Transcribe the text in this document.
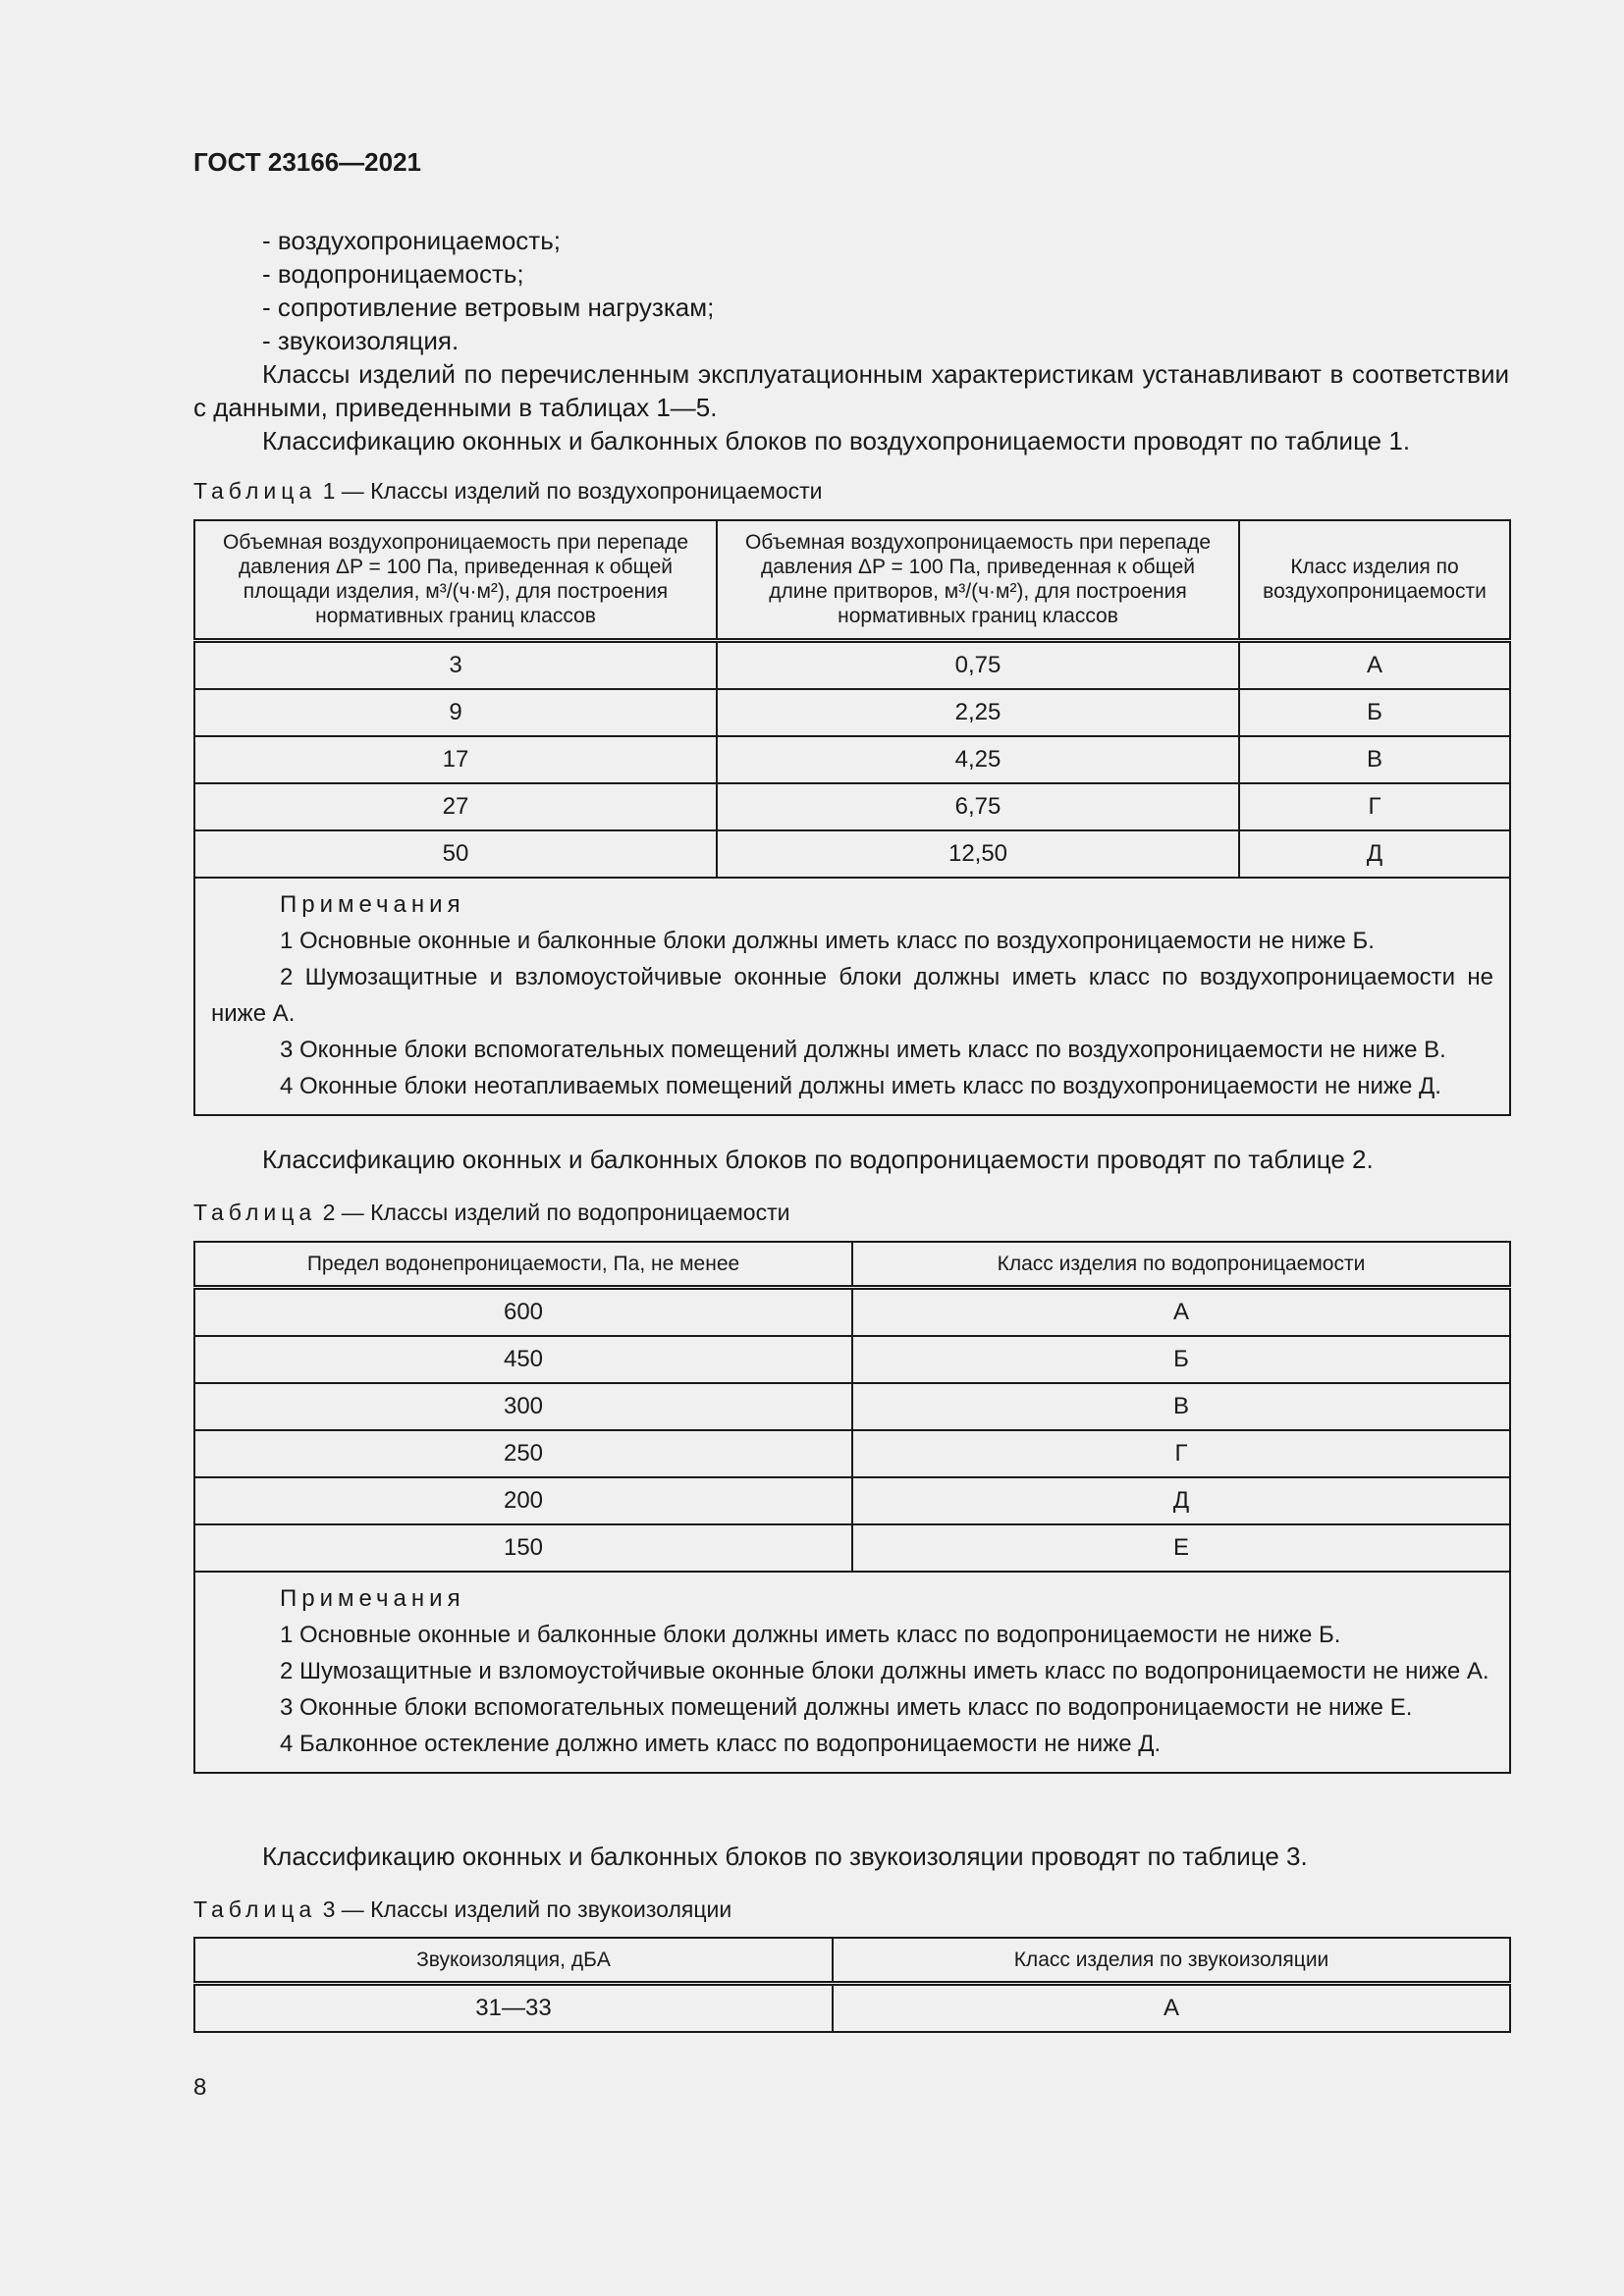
ГОСТ 23166—2021
- воздухопроницаемость;
- водопроницаемость;
- сопротивление ветровым нагрузкам;
- звукоизоляция.
Классы изделий по перечисленным эксплуатационным характеристикам устанавливают в соответствии с данными, приведенными в таблицах 1—5.
Классификацию оконных и балконных блоков по воздухопроницаемости проводят по таблице 1.
Таблица 1 — Классы изделий по воздухопроницаемости
Объемная воздухопроницаемость при перепаде давления ΔP = 100 Па, приведенная к общей площади изделия, м³/(ч·м²), для построения нормативных границ классов	Объемная воздухопроницаемость при перепаде давления ΔP = 100 Па, приведенная к общей длине притворов, м³/(ч·м²), для построения нормативных границ классов	Класс изделия по воздухопроницаемости
3	0,75	А
9	2,25	Б
17	4,25	В
27	6,75	Г
50	12,50	Д

Примечания
1 Основные оконные и балконные блоки должны иметь класс по воздухопроницаемости не ниже Б.
2 Шумозащитные и взломоустойчивые оконные блоки должны иметь класс по воздухопроницаемости не ниже А.
3 Оконные блоки вспомогательных помещений должны иметь класс по воздухопроницаемости не ниже В.
4 Оконные блоки неотапливаемых помещений должны иметь класс по воздухопроницаемости не ниже Д.		
Классификацию оконных и балконных блоков по водопроницаемости проводят по таблице 2.
Таблица 2 — Классы изделий по водопроницаемости
Предел водонепроницаемости, Па, не менее	Класс изделия по водопроницаемости
600	А
450	Б
300	В
250	Г
200	Д
150	Е

Примечания
1 Основные оконные и балконные блоки должны иметь класс по водопроницаемости не ниже Б.
2 Шумозащитные и взломоустойчивые оконные блоки должны иметь класс по водопроницаемости не ниже А.
3 Оконные блоки вспомогательных помещений должны иметь класс по водопроницаемости не ниже Е.
4 Балконное остекление должно иметь класс по водопроницаемости не ниже Д.	
Классификацию оконных и балконных блоков по звукоизоляции проводят по таблице 3.
Таблица 3 — Классы изделий по звукоизоляции
Звукоизоляция, дБA	Класс изделия по звукоизоляции
31—33	А
8
